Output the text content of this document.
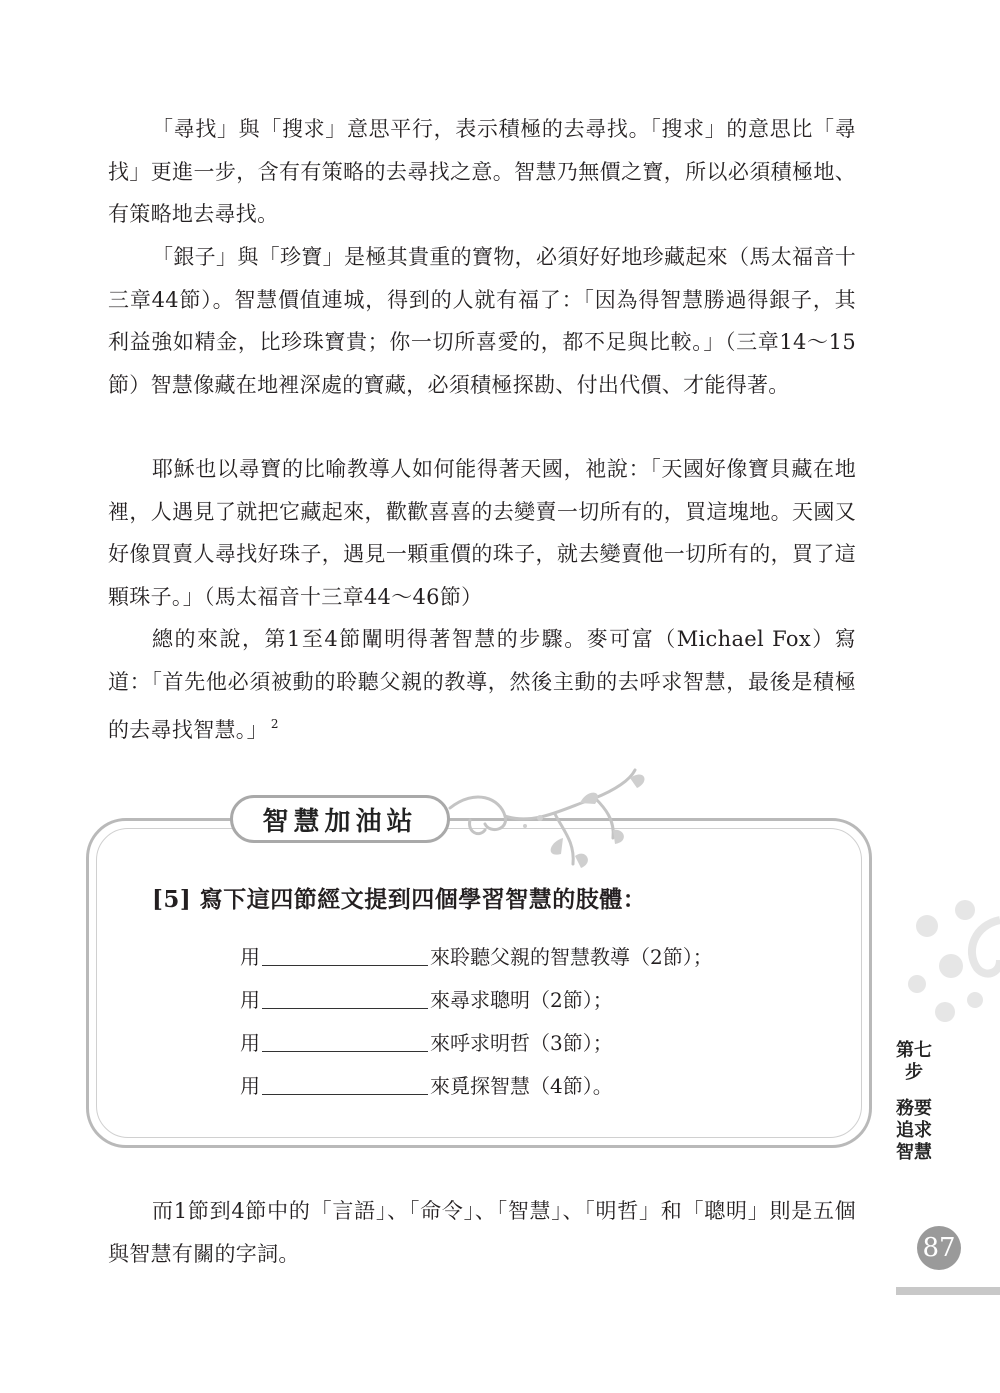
「尋找」與「搜求」意思平行，表示積極的去尋找。「搜求」的意思比「尋找」更進一步，含有有策略的去尋找之意。智慧乃無價之寶，所以必須積極地、有策略地去尋找。

「銀子」與「珍寶」是極其貴重的寶物，必須好好地珍藏起來（馬太福音十三章44節）。智慧價值連城，得到的人就有福了：「因為得智慧勝過得銀子，其利益強如精金，比珍珠寶貴；你一切所喜愛的，都不足與比較。」（三章14～15節）智慧像藏在地裡深處的寶藏，必須積極探勘、付出代價、才能得著。

耶穌也以尋寶的比喻教導人如何能得著天國，祂說：「天國好像寶貝藏在地裡，人遇見了就把它藏起來，歡歡喜喜的去變賣一切所有的，買這塊地。天國又好像買賣人尋找好珠子，遇見一顆重價的珠子，就去變賣他一切所有的，買了這顆珠子。」（馬太福音十三章44～46節）

總的來說，第1至4節闡明得著智慧的步驟。麥可富（Michael Fox）寫道：「首先他必須被動的聆聽父親的教導，然後主動的去呼求智慧，最後是積極的去尋找智慧。」 $^2$

智慧加油站

[5] 寫下這四節經文提到四個學習智慧的肢體：

用	來聆聽父親的智慧教導（2節）；
用	來尋求聰明（2節）；
用	來呼求明哲（3節）；
用	來覓探智慧（4節）。

而1節到4節中的「言語」、「命令」、「智慧」、「明哲」和「聰明」則是五個與智慧有關的字詞。

第七步
務要追求智慧
87
